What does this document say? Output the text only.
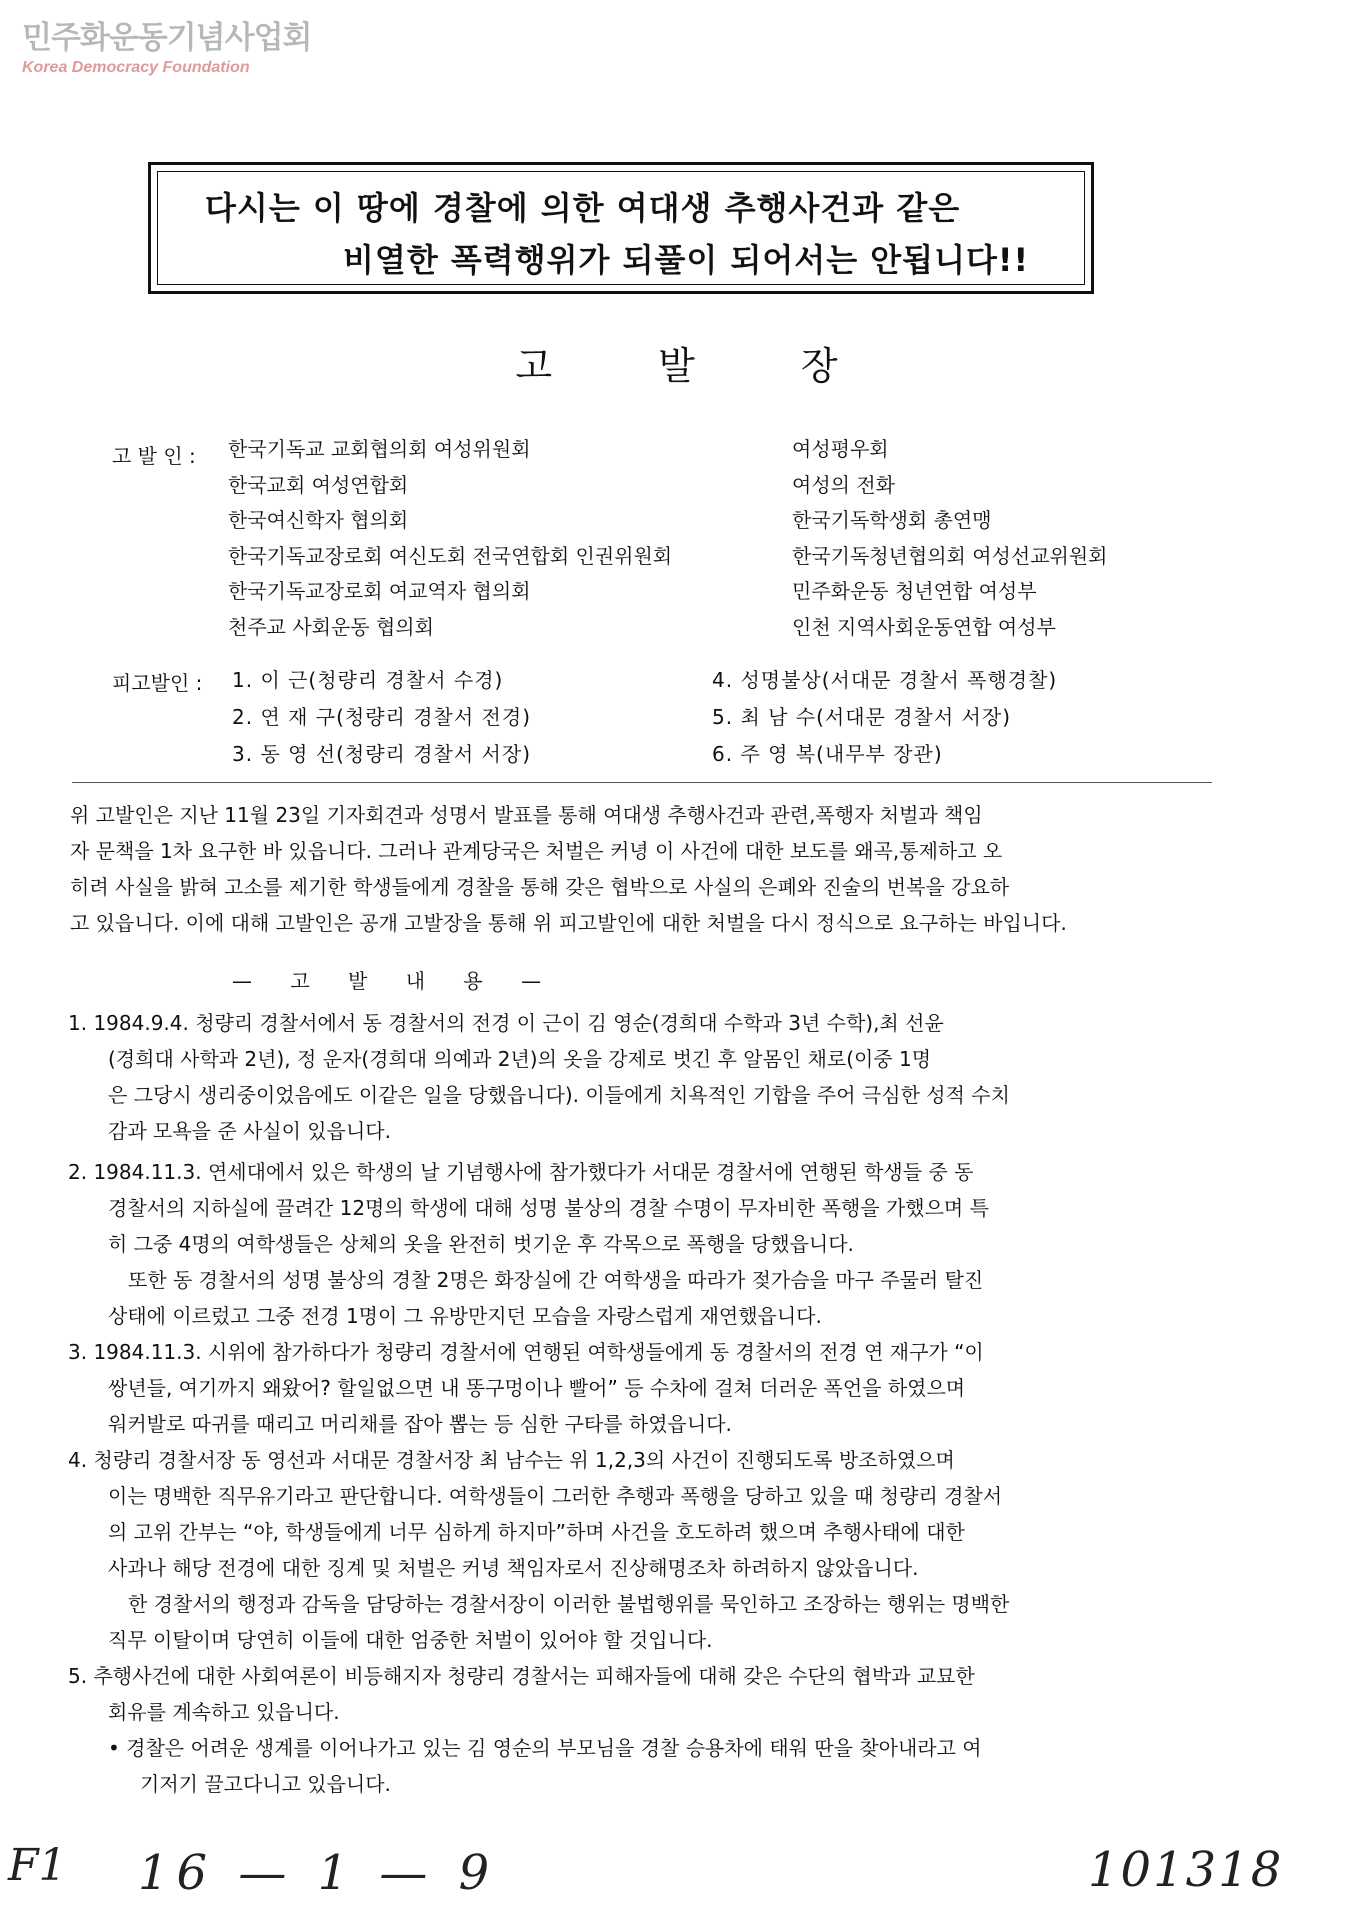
민주화운동기념사업회
Korea Democracy Foundation
다시는 이 땅에 경찰에 의한 여대생 추행사건과 같은
비열한 폭력행위가 되풀이 되어서는 안됩니다!!
고 발 장
고 발 인 : 한국기독교 교회협의회 여성위원회
한국교회 여성연합회
한국여신학자 협의회
한국기독교장로회 여신도회 전국연합회 인권위원회
한국기독교장로회 여교역자 협의회
천주교 사회운동 협의회
여성평우회
여성의 전화
한국기독학생회 총연맹
한국기독청년협의회 여성선교위원회
민주화운동 청년연합 여성부
인천 지역사회운동연합 여성부
피고발인 : 1. 이 근(청량리 경찰서 수경)
2. 연 재 구(청량리 경찰서 전경)
3. 동 영 선(청량리 경찰서 서장)
4. 성명불상(서대문 경찰서 폭행경찰)
5. 최 남 수(서대문 경찰서 서장)
6. 주 영 복(내무부 장관)
위 고발인은 지난 11월 23일 기자회견과 성명서 발표를 통해 여대생 추행사건과 관련,폭행자 처벌과 책임
자 문책을 1차 요구한 바 있읍니다. 그러나 관계당국은 처벌은 커녕 이 사건에 대한 보도를 왜곡,통제하고 오
히려 사실을 밝혀 고소를 제기한 학생들에게 경찰을 통해 갖은 협박으로 사실의 은폐와 진술의 번복을 강요하
고 있읍니다. 이에 대해 고발인은 공개 고발장을 통해 위 피고발인에 대한 처벌을 다시 정식으로 요구하는 바입니다.
— 고 발 내 용 —
1. 1984.9.4. 청량리 경찰서에서 동 경찰서의 전경 이 근이 김 영순(경희대 수학과 3년 수학),최 선윤
(경희대 사학과 2년), 정 운자(경희대 의예과 2년)의 옷을 강제로 벗긴 후 알몸인 채로(이중 1명
은 그당시 생리중이었음에도 이같은 일을 당했읍니다). 이들에게 치욕적인 기합을 주어 극심한 성적 수치
감과 모욕을 준 사실이 있읍니다.
2. 1984.11.3. 연세대에서 있은 학생의 날 기념행사에 참가했다가 서대문 경찰서에 연행된 학생들 중 동
경찰서의 지하실에 끌려간 12명의 학생에 대해 성명 불상의 경찰 수명이 무자비한 폭행을 가했으며 특
히 그중 4명의 여학생들은 상체의 옷을 완전히 벗기운 후 각목으로 폭행을 당했읍니다.
또한 동 경찰서의 성명 불상의 경찰 2명은 화장실에 간 여학생을 따라가 젖가슴을 마구 주물러 탈진
상태에 이르렀고 그중 전경 1명이 그 유방만지던 모습을 자랑스럽게 재연했읍니다.
3. 1984.11.3. 시위에 참가하다가 청량리 경찰서에 연행된 여학생들에게 동 경찰서의 전경 연 재구가 “이
쌍년들, 여기까지 왜왔어? 할일없으면 내 똥구멍이나 빨어” 등 수차에 걸쳐 더러운 폭언을 하였으며
워커발로 따귀를 때리고 머리채를 잡아 뽑는 등 심한 구타를 하였읍니다.
4. 청량리 경찰서장 동 영선과 서대문 경찰서장 최 남수는 위 1,2,3의 사건이 진행되도록 방조하였으며
이는 명백한 직무유기라고 판단합니다. 여학생들이 그러한 추행과 폭행을 당하고 있을 때 청량리 경찰서
의 고위 간부는 “야, 학생들에게 너무 심하게 하지마”하며 사건을 호도하려 했으며 추행사태에 대한
사과나 해당 전경에 대한 징계 및 처벌은 커녕 책임자로서 진상해명조차 하려하지 않았읍니다.
한 경찰서의 행정과 감독을 담당하는 경찰서장이 이러한 불법행위를 묵인하고 조장하는 행위는 명백한
직무 이탈이며 당연히 이들에 대한 엄중한 처벌이 있어야 할 것입니다.
5. 추행사건에 대한 사회여론이 비등해지자 청량리 경찰서는 피해자들에 대해 갖은 수단의 협박과 교묘한
회유를 계속하고 있읍니다.
• 경찰은 어려운 생계를 이어나가고 있는 김 영순의 부모님을 경찰 승용차에 태워 딴을 찾아내라고 여
기저기 끌고다니고 있읍니다.
F1 16 — 1 — 9	101318
